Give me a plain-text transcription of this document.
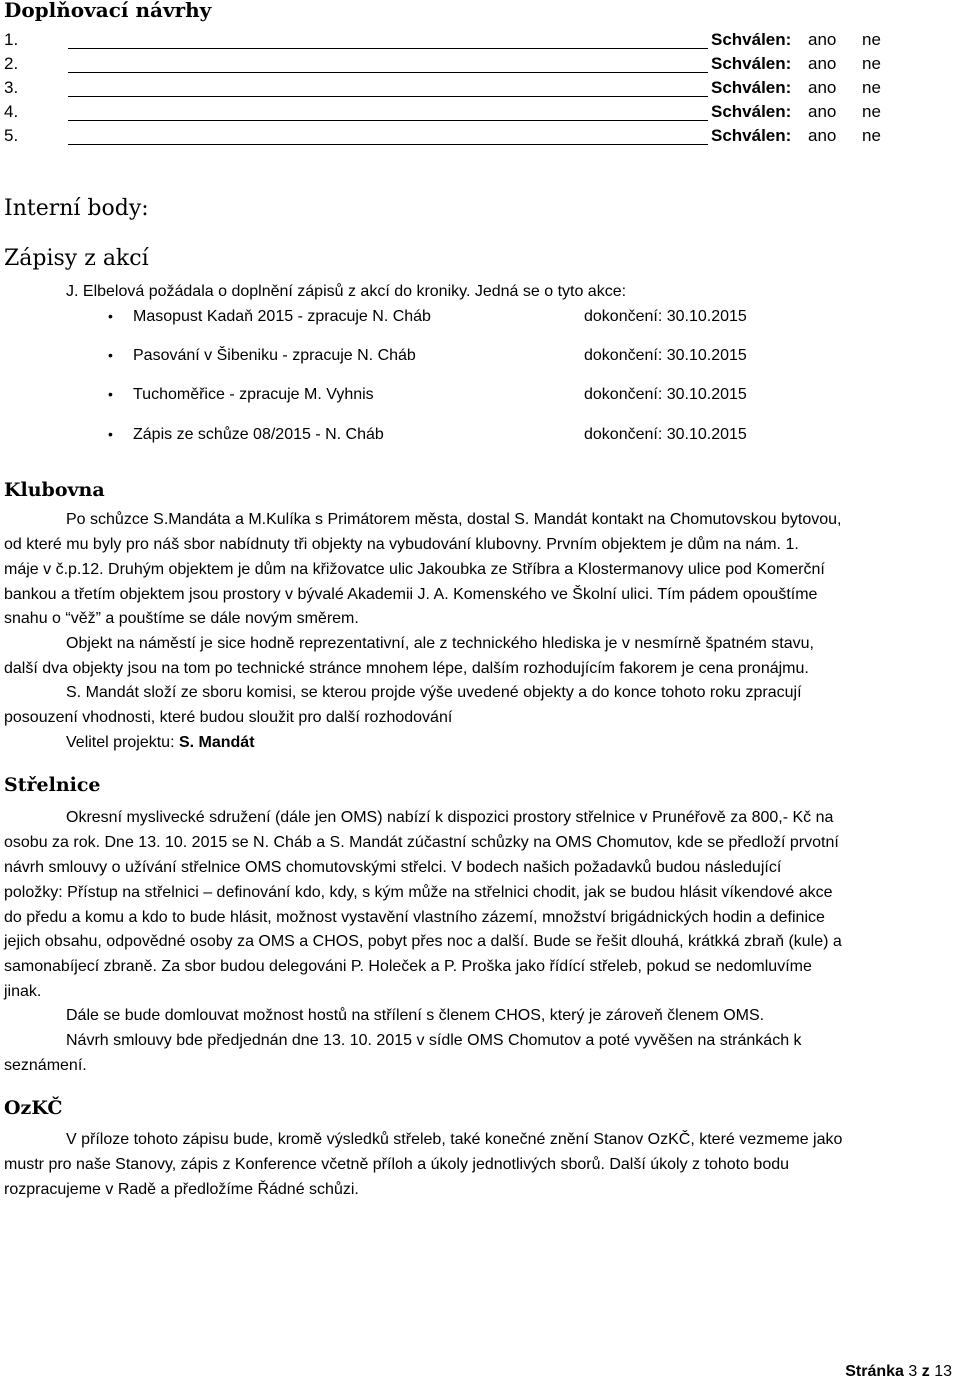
Doplňovací návrhy
1.	Schválen: ano ne
2.	Schválen: ano ne
3.	Schválen: ano ne
4.	Schválen: ano ne
5.	Schválen: ano ne
Interní body:
Zápisy z akcí
J. Elbelová požádala o doplnění zápisů z akcí do kroniky. Jedná se o tyto akce:
• Masopust Kadaň 2015 - zpracuje N. Cháb	dokončení: 30.10.2015
• Pasování v Šibeniku - zpracuje N. Cháb	dokončení: 30.10.2015
• Tuchoměřice - zpracuje M. Vyhnis	dokončení: 30.10.2015
• Zápis ze schůze 08/2015 - N. Cháb	dokončení: 30.10.2015
Klubovna
Po schůzce S.Mandáta a M.Kulíka s Primátorem města, dostal S. Mandát kontakt na Chomutovskou bytovou,
od které mu byly pro náš sbor nabídnuty tři objekty na vybudování klubovny. Prvním objektem je dům na nám. 1.
máje v č.p.12. Druhým objektem je dům na křižovatce ulic Jakoubka ze Stříbra a Klostermanovy ulice pod Komerční
bankou a třetím objektem jsou prostory v bývalé Akademii J. A. Komenského ve Školní ulici. Tím pádem opouštíme
snahu o “věž” a pouštíme se dále novým směrem.
Objekt na náměstí je sice hodně reprezentativní, ale z technického hlediska je v nesmírně špatném stavu,
další dva objekty jsou na tom po technické stránce mnohem lépe, dalším rozhodujícím fakorem je cena pronájmu.
S. Mandát složí ze sboru komisi, se kterou projde výše uvedené objekty a do konce tohoto roku zpracují
posouzení vhodnosti, které budou sloužit pro další rozhodování
Velitel projektu: S. Mandát
Střelnice
Okresní myslivecké sdružení (dále jen OMS) nabízí k dispozici prostory střelnice v Prunéřově za 800,- Kč na
osobu za rok. Dne 13. 10. 2015 se N. Cháb a S. Mandát zúčastní schůzky na OMS Chomutov, kde se předloží prvotní
návrh smlouvy o užívání střelnice OMS chomutovskými střelci. V bodech našich požadavků budou následující
položky: Přístup na střelnici – definování kdo, kdy, s kým může na střelnici chodit, jak se budou hlásit víkendové akce
do předu a komu a kdo to bude hlásit, možnost vystavění vlastního zázemí, množství brigádnických hodin a definice
jejich obsahu, odpovědné osoby za OMS a CHOS, pobyt přes noc a další. Bude se řešit dlouhá, krátkká zbraň (kule) a
samonabíjecí zbraně. Za sbor budou delegováni P. Holeček a P. Proška jako řídící střeleb, pokud se nedomluvíme
jinak.
Dále se bude domlouvat možnost hostů na střílení s členem CHOS, který je zároveň členem OMS.
Návrh smlouvy bde předjednán dne 13. 10. 2015 v sídle OMS Chomutov a poté vyvěšen na stránkách k
seznámení.
OzKČ
V příloze tohoto zápisu bude, kromě výsledků střeleb, také konečné znění Stanov OzKČ, které vezmeme jako
mustr pro naše Stanovy, zápis z Konference včetně příloh a úkoly jednotlivých sborů. Další úkoly z tohoto bodu
rozpracujeme v Radě a předložíme Řádné schůzi.
Stránka 3 z 13
